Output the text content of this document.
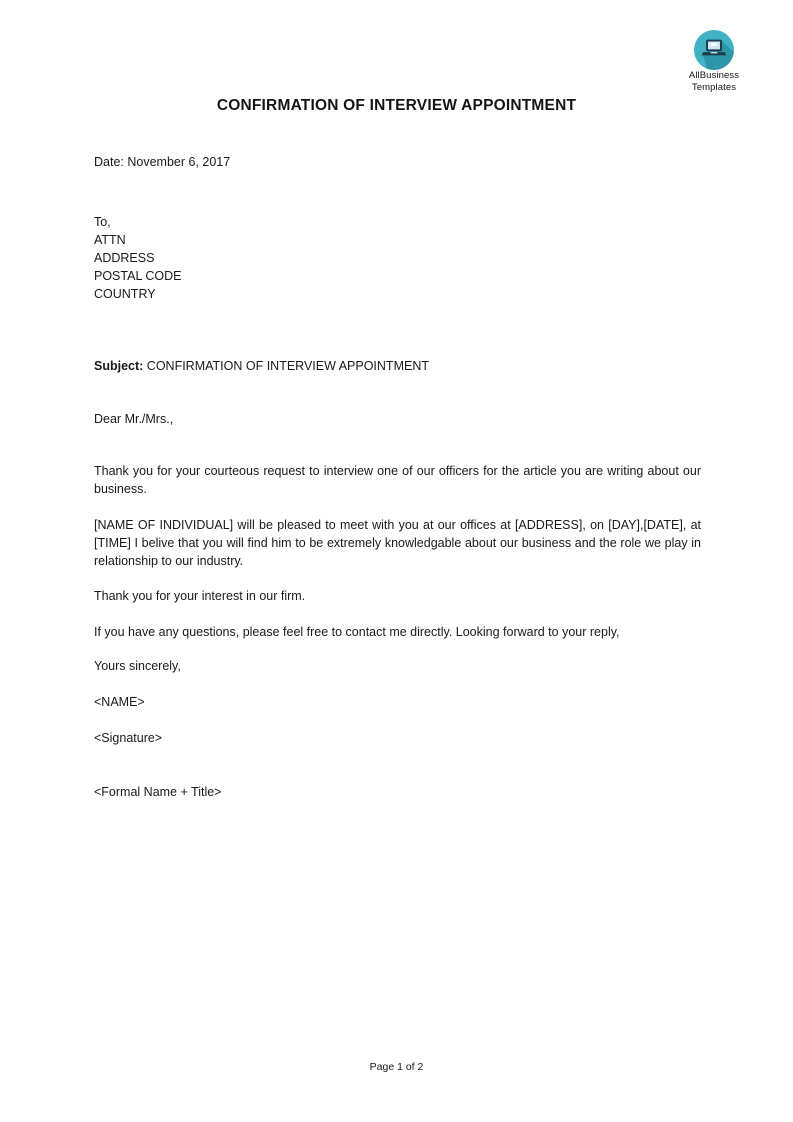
AllBusiness
Templates
CONFIRMATION OF INTERVIEW APPOINTMENT
Date: November 6, 2017
To,
ATTN
ADDRESS
POSTAL CODE
COUNTRY
Subject: CONFIRMATION OF INTERVIEW APPOINTMENT
Dear Mr./Mrs.,
Thank you for your courteous request to interview one of our officers for the article you are writing about our business.
[NAME OF INDIVIDUAL] will be pleased to meet with you at our offices at [ADDRESS], on [DAY],[DATE], at [TIME] I belive that you will find him to be extremely knowledgable about our business and the role we play in relationship to our industry.
Thank you for your interest in our firm.
If you have any questions, please feel free to contact me directly. Looking forward to your reply,
Yours sincerely,
<NAME>
<Signature>
<Formal Name + Title>
Page 1 of 2
